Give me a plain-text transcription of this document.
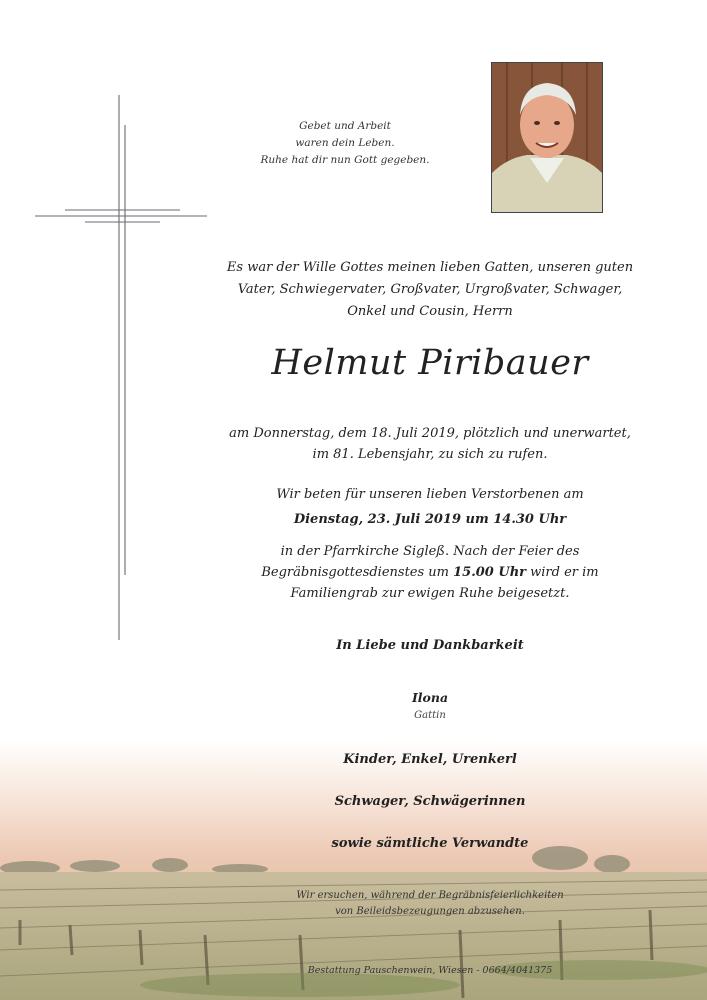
Gebet und Arbeit
waren dein Leben.
Ruhe hat dir nun Gott gegeben.
Es war der Wille Gottes meinen lieben Gatten, unseren guten
Vater, Schwiegervater, Großvater, Urgroßvater, Schwager,
Onkel und Cousin, Herrn
Helmut Piribauer
am Donnerstag, dem 18. Juli 2019, plötzlich und unerwartet,
im 81. Lebensjahr, zu sich zu rufen.
Wir beten für unseren lieben Verstorbenen am
Dienstag, 23. Juli 2019 um 14.30 Uhr
in der Pfarrkirche Sigleß. Nach der Feier des
Begräbnisgottesdienstes um 15.00 Uhr wird er im
Familiengrab zur ewigen Ruhe beigesetzt.
In Liebe und Dankbarkeit
Ilona
Gattin
Kinder, Enkel, Urenkerl
Schwager, Schwägerinnen
sowie sämtliche Verwandte
Wir ersuchen, während der Begräbnisfeierlichkeiten
von Beileidsbezeugungen abzusehen.
Bestattung Pauschenwein, Wiesen - 0664/4041375
